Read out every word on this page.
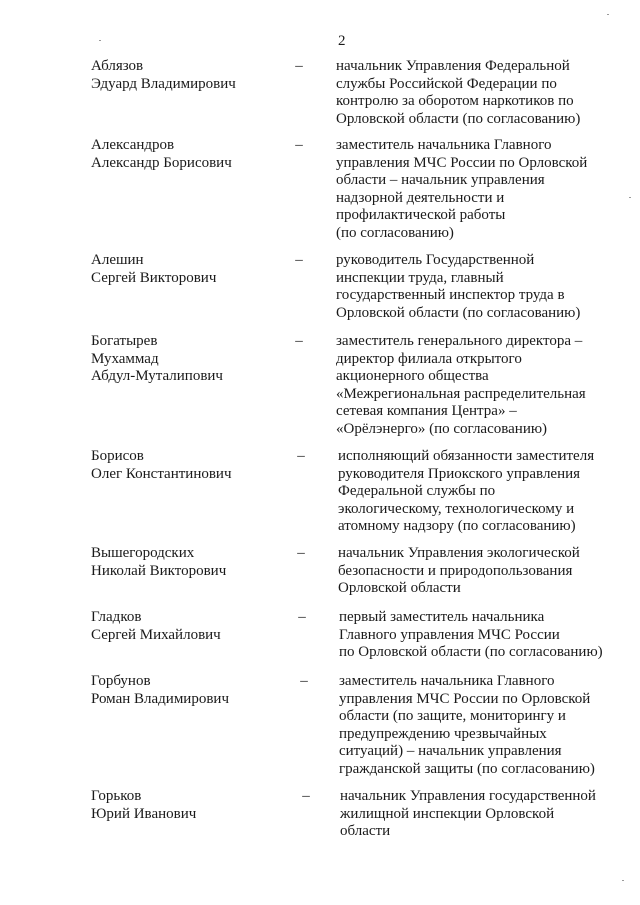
2
Аблязов
Эдуард Владимирович
– начальник Управления Федеральной
службы Российской Федерации по
контролю за оборотом наркотиков по
Орловской области (по согласованию)
Александров
Александр Борисович
– заместитель начальника Главного
управления МЧС России по Орловской
области – начальник управления
надзорной деятельности и
профилактической работы
(по согласованию)
Алешин
Сергей Викторович
– руководитель Государственной
инспекции труда, главный
государственный инспектор труда в
Орловской области (по согласованию)
Богатырев
Мухаммад
Абдул-Муталипович
– заместитель генерального директора –
директор филиала открытого
акционерного общества
«Межрегиональная распределительная
сетевая компания Центра» –
«Орёлэнерго» (по согласованию)
Борисов
Олег Константинович
– исполняющий обязанности заместителя
руководителя Приокского управления
Федеральной службы по
экологическому, технологическому и
атомному надзору (по согласованию)
Вышегородских
Николай Викторович
– начальник Управления экологической
безопасности и природопользования
Орловской области
Гладков
Сергей Михайлович
– первый заместитель начальника
Главного управления МЧС России
по Орловской области (по согласованию)
Горбунов
Роман Владимирович
– заместитель начальника Главного
управления МЧС России по Орловской
области (по защите, мониторингу и
предупреждению чрезвычайных
ситуаций) – начальник управления
гражданской защиты (по согласованию)
Горьков
Юрий Иванович
– начальник Управления государственной
жилищной инспекции Орловской
области
